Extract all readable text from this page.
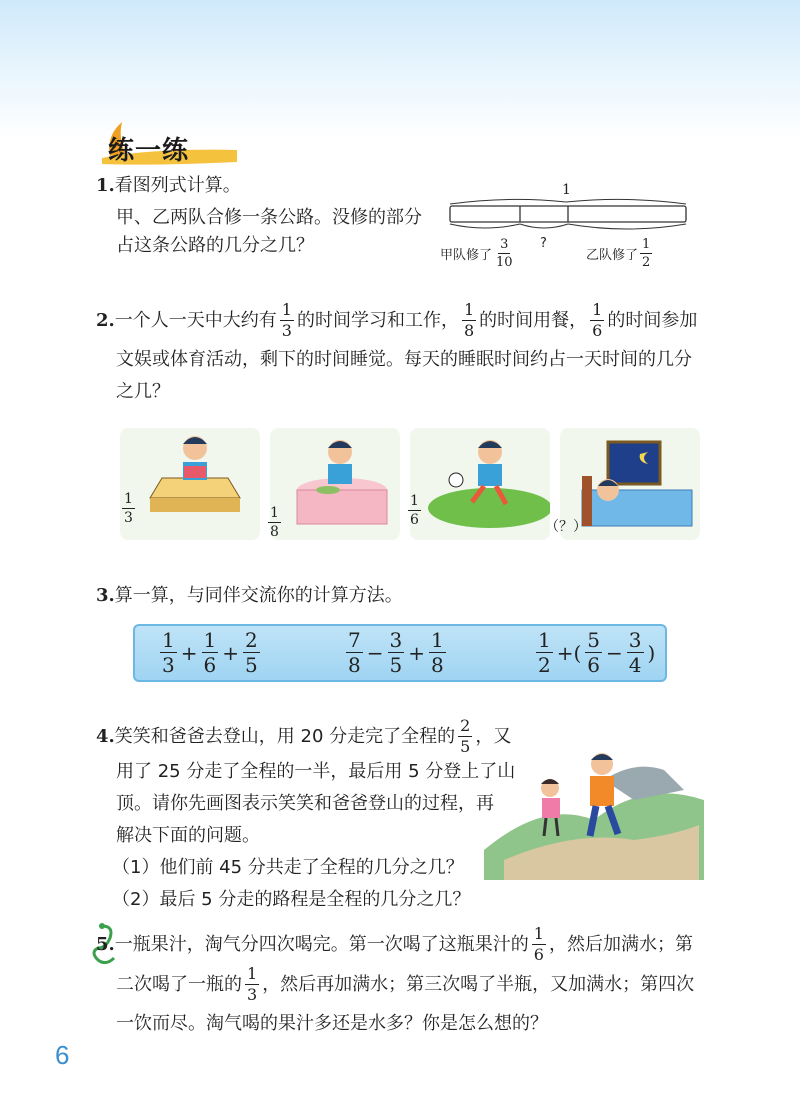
练一练
1.看图列式计算。
甲、乙两队合修一条公路。没修的部分
占这条公路的几分之几？
1
甲队修了 $\frac{3}{10}$ ?
乙队修了 $\frac{1}{2}$
2. 一个人一天中大约有 $\frac{1}{3}$ 的时间学习和工作， $\frac{1}{8}$ 的时间用餐， $\frac{1}{6}$ 的时间参加
文娱或体育活动，剩下的时间睡觉。每天的睡眠时间约占一天时间的几分
之几？
$\frac{1}{3}$	$\frac{1}{8}$	$\frac{1}{6}$	（？）
3.算一算，与同伴交流你的计算方法。
$\frac{1}{3} + \frac{1}{6} + \frac{2}{5}$	$\frac{7}{8} - \frac{3}{5} + \frac{1}{8}$	$\frac{1}{2}$ +( $\frac{5}{6} - \frac{3}{4}$ )
4. 笑笑和爸爸去登山，用 20 分走完了全程的 $\frac{2}{5}$ ，又
用了 25 分走了全程的一半，最后用 5 分登上了山
顶。请你先画图表示笑笑和爸爸登山的过程，再
解决下面的问题。
（1）他们前 45 分共走了全程的几分之几？
（2）最后 5 分走的路程是全程的几分之几？
5. 一瓶果汁，淘气分四次喝完。第一次喝了这瓶果汁的 $\frac{1}{6}$ ，然后加满水；第
二次喝了一瓶的 $\frac{1}{3}$ ，然后再加满水；第三次喝了半瓶，又加满水；第四次
一饮而尽。淘气喝的果汁多还是水多？你是怎么想的？
6
